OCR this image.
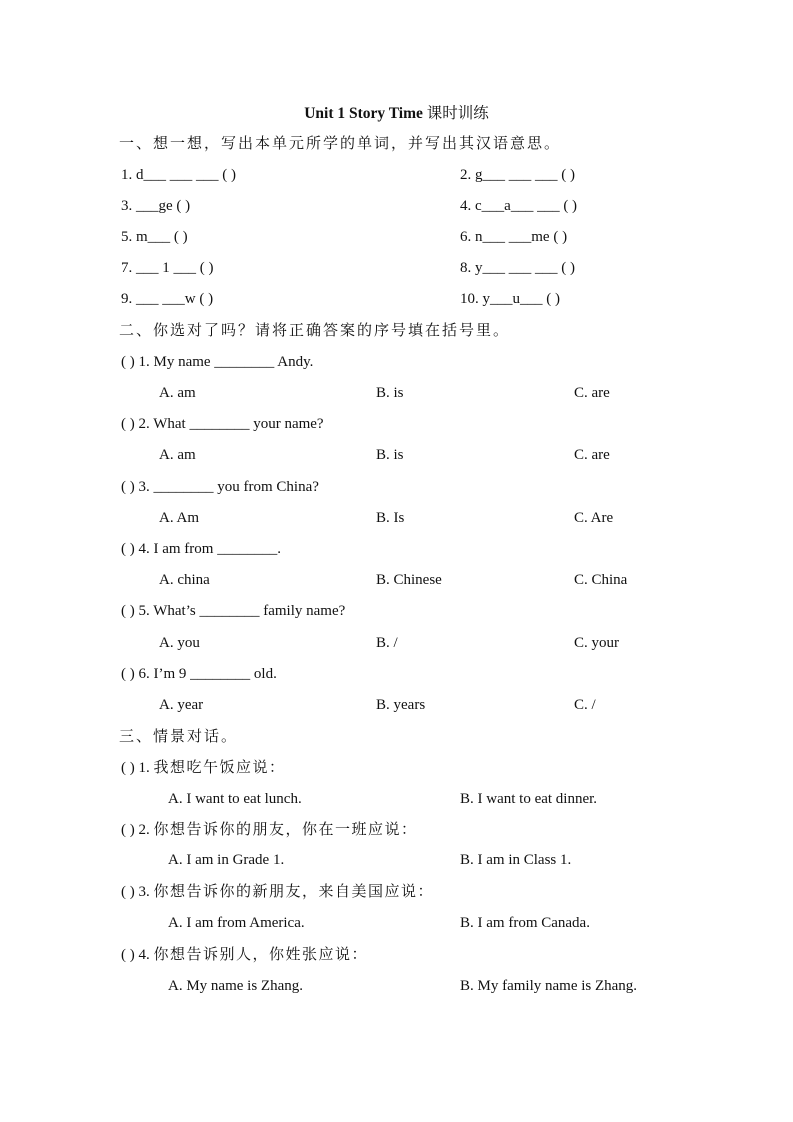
Unit 1 Story Time 课时训练
一、想一想，写出本单元所学的单词，并写出其汉语意思。
1. d___ ___ ___ ( )	2. g___ ___ ___ ( )
3. ___ge ( )	4. c___a___ ___ ( )
5. m___ ( )	6. n___ ___me ( )
7. ___ 1 ___ ( )	8. y___ ___ ___ ( )
9. ___ ___w ( )	10. y___u___ ( )
二、你选对了吗？请将正确答案的序号填在括号里。
( ) 1. My name ________ Andy.
A. am	B. is	C. are
( ) 2. What ________ your name?
A. am	B. is	C. are
( ) 3. ________ you from China?
A. Am	B. Is	C. Are
( ) 4. I am from ________.
A. china	B. Chinese	C. China
( ) 5. What’s ________ family name?
A. you	B. /	C. your
( ) 6. I’m 9 ________ old.
A. year	B. years	C. /
三、情景对话。
( ) 1. 我想吃午饭应说：
A. I want to eat lunch.	B. I want to eat dinner.
( ) 2. 你想告诉你的朋友，你在一班应说：
A. I am in Grade 1.	B. I am in Class 1.
( ) 3. 你想告诉你的新朋友，来自美国应说：
A. I am from America.	B. I am from Canada.
( ) 4. 你想告诉别人，你姓张应说：
A. My name is Zhang.	B. My family name is Zhang.
